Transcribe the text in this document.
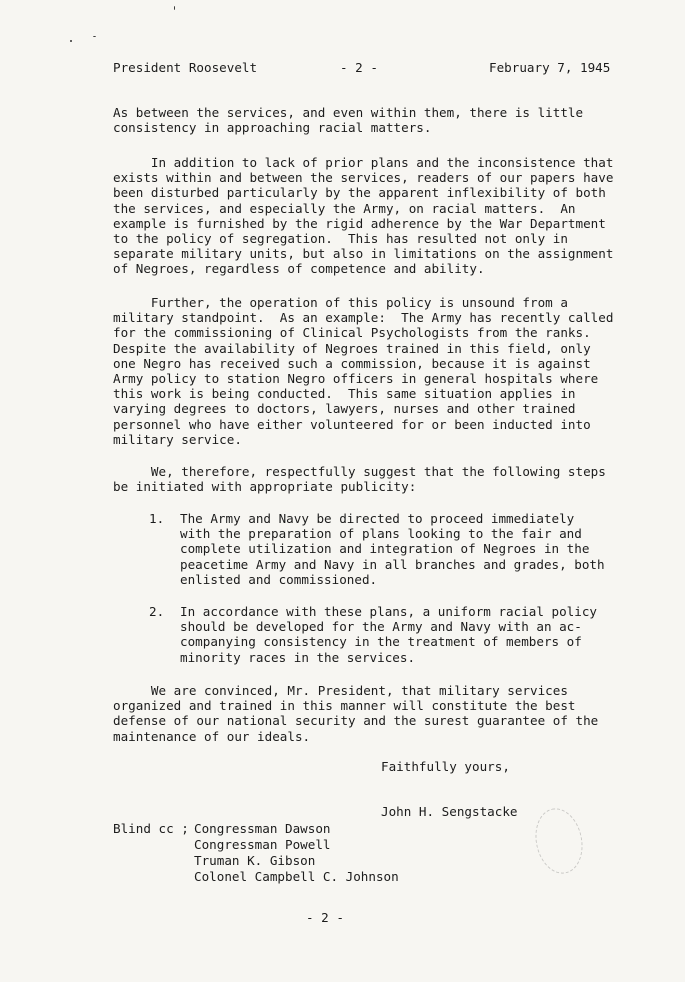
President Roosevelt	- 2 -	February 7, 1945

As between the services, and even within them, there is little
consistency in approaching racial matters.

In addition to lack of prior plans and the inconsistence that
exists within and between the services, readers of our papers have
been disturbed particularly by the apparent inflexibility of both
the services, and especially the Army, on racial matters.  An
example is furnished by the rigid adherence by the War Department
to the policy of segregation.  This has resulted not only in
separate military units, but also in limitations on the assignment
of Negroes, regardless of competence and ability.

Further, the operation of this policy is unsound from a
military standpoint.  As an example:  The Army has recently called
for the commissioning of Clinical Psychologists from the ranks.
Despite the availability of Negroes trained in this field, only
one Negro has received such a commission, because it is against
Army policy to station Negro officers in general hospitals where
this work is being conducted.  This same situation applies in
varying degrees to doctors, lawyers, nurses and other trained
personnel who have either volunteered for or been inducted into
military service.

We, therefore, respectfully suggest that the following steps
be initiated with appropriate publicity:

1. The Army and Navy be directed to proceed immediately
with the preparation of plans looking to the fair and
complete utilization and integration of Negroes in the
peacetime Army and Navy in all branches and grades, both
enlisted and commissioned.

2. In accordance with these plans, a uniform racial policy
should be developed for the Army and Navy with an ac-
companying consistency in the treatment of members of
minority races in the services.

We are convinced, Mr. President, that military services
organized and trained in this manner will constitute the best
defense of our national security and the surest guarantee of the
maintenance of our ideals.

Faithfully yours,

John H. Sengstacke

Blind cc ; Congressman Dawson

Congressman Powell

Truman K. Gibson

Colonel Campbell C. Johnson

- 2 -
